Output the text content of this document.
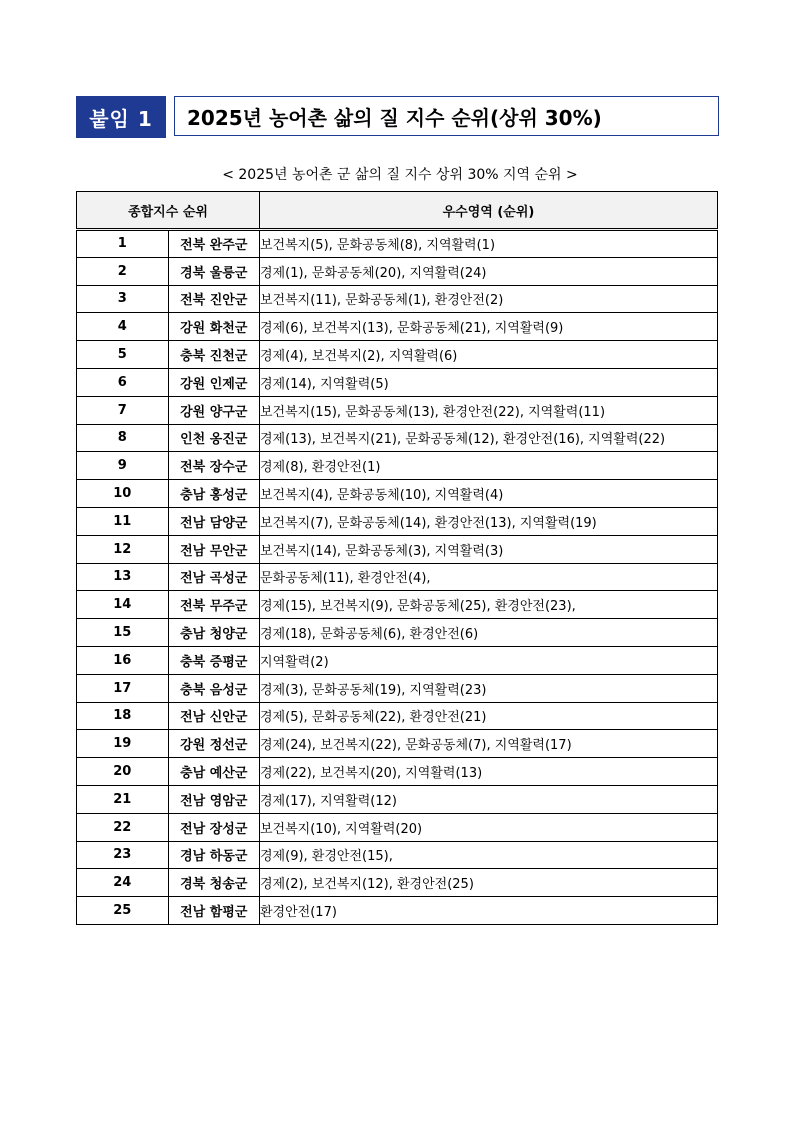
붙임 1	2025년 농어촌 삶의 질 지수 순위(상위 30%)
< 2025년 농어촌 군 삶의 질 지수 상위 30% 지역 순위 >
종합지수 순위		우수영역 (순위)
1	전북 완주군	보건복지(5), 문화공동체(8), 지역활력(1)
2	경북 울릉군	경제(1), 문화공동체(20), 지역활력(24)
3	전북 진안군	보건복지(11), 문화공동체(1), 환경안전(2)
4	강원 화천군	경제(6), 보건복지(13), 문화공동체(21), 지역활력(9)
5	충북 진천군	경제(4), 보건복지(2), 지역활력(6)
6	강원 인제군	경제(14), 지역활력(5)
7	강원 양구군	보건복지(15), 문화공동체(13), 환경안전(22), 지역활력(11)
8	인천 옹진군	경제(13), 보건복지(21), 문화공동체(12), 환경안전(16), 지역활력(22)
9	전북 장수군	경제(8), 환경안전(1)
10	충남 홍성군	보건복지(4), 문화공동체(10), 지역활력(4)
11	전남 담양군	보건복지(7), 문화공동체(14), 환경안전(13), 지역활력(19)
12	전남 무안군	보건복지(14), 문화공동체(3), 지역활력(3)
13	전남 곡성군	문화공동체(11), 환경안전(4),
14	전북 무주군	경제(15), 보건복지(9), 문화공동체(25), 환경안전(23),
15	충남 청양군	경제(18), 문화공동체(6), 환경안전(6)
16	충북 증평군	지역활력(2)
17	충북 음성군	경제(3), 문화공동체(19), 지역활력(23)
18	전남 신안군	경제(5), 문화공동체(22), 환경안전(21)
19	강원 정선군	경제(24), 보건복지(22), 문화공동체(7), 지역활력(17)
20	충남 예산군	경제(22), 보건복지(20), 지역활력(13)
21	전남 영암군	경제(17), 지역활력(12)
22	전남 장성군	보건복지(10), 지역활력(20)
23	경남 하동군	경제(9), 환경안전(15),
24	경북 청송군	경제(2), 보건복지(12), 환경안전(25)
25	전남 함평군	환경안전(17)
